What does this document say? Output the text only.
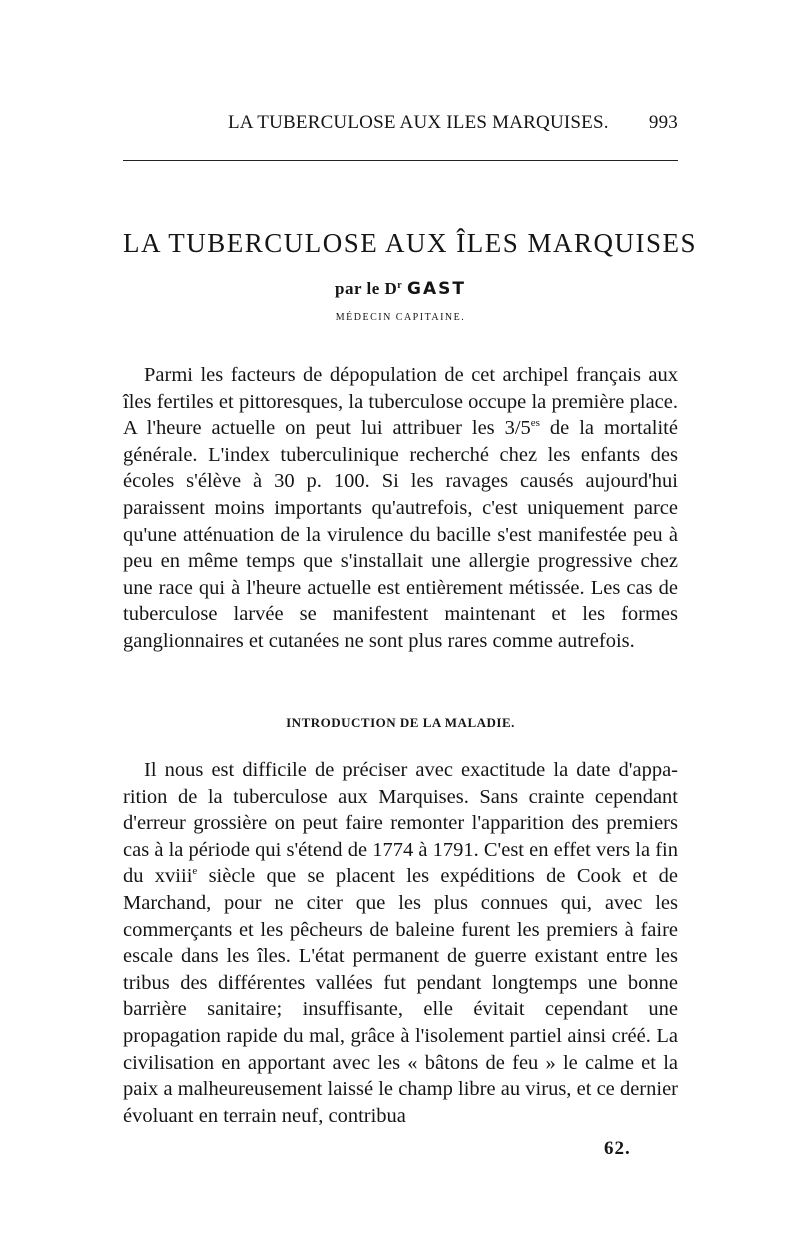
LA TUBERCULOSE AUX ILES MARQUISES. 993
LA TUBERCULOSE AUX ÎLES MARQUISES
par le $D^r$ GAST
MÉDECIN CAPITAINE.
Parmi les facteurs de dépopulation de cet archipel français aux îles fertiles et pittoresques, la tuberculose occupe la première place. A l'heure actuelle on peut lui attribuer les $3/5^{es}$ de la mortalité générale. L'index tuberculinique recherché chez les enfants des écoles s'élève à 30 p. 100. Si les ravages causés aujourd'hui paraissent moins importants qu'autrefois, c'est uniquement parce qu'une atténuation de la virulence du bacille s'est manifestée peu à peu en même temps que s'installait une allergie progressive chez une race qui à l'heure actuelle est entièrement métissée. Les cas de tuberculose larvée se manifestent maintenant et les formes ganglionnaires et cutanées ne sont plus rares comme autrefois.
INTRODUCTION DE LA MALADIE.
Il nous est difficile de préciser avec exactitude la date d'apparition de la tuberculose aux Marquises. Sans crainte cependant d'erreur grossière on peut faire remonter l'apparition des premiers cas à la période qui s'étend de 1774 à 1791. C'est en effet vers la fin du xviii$^e$ siècle que se placent les expéditions de Cook et de Marchand, pour ne citer que les plus connues qui, avec les commerçants et les pêcheurs de baleine furent les premiers à faire escale dans les îles. L'état permanent de guerre existant entre les tribus des différentes vallées fut pendant longtemps une bonne barrière sanitaire; insuffisante, elle évitait cependant une propagation rapide du mal, grâce à l'isolement partiel ainsi créé. La civilisation en apportant avec les « bâtons de feu » le calme et la paix a malheureusement laissé le champ libre au virus, et ce dernier évoluant en terrain neuf, contribua
62.
